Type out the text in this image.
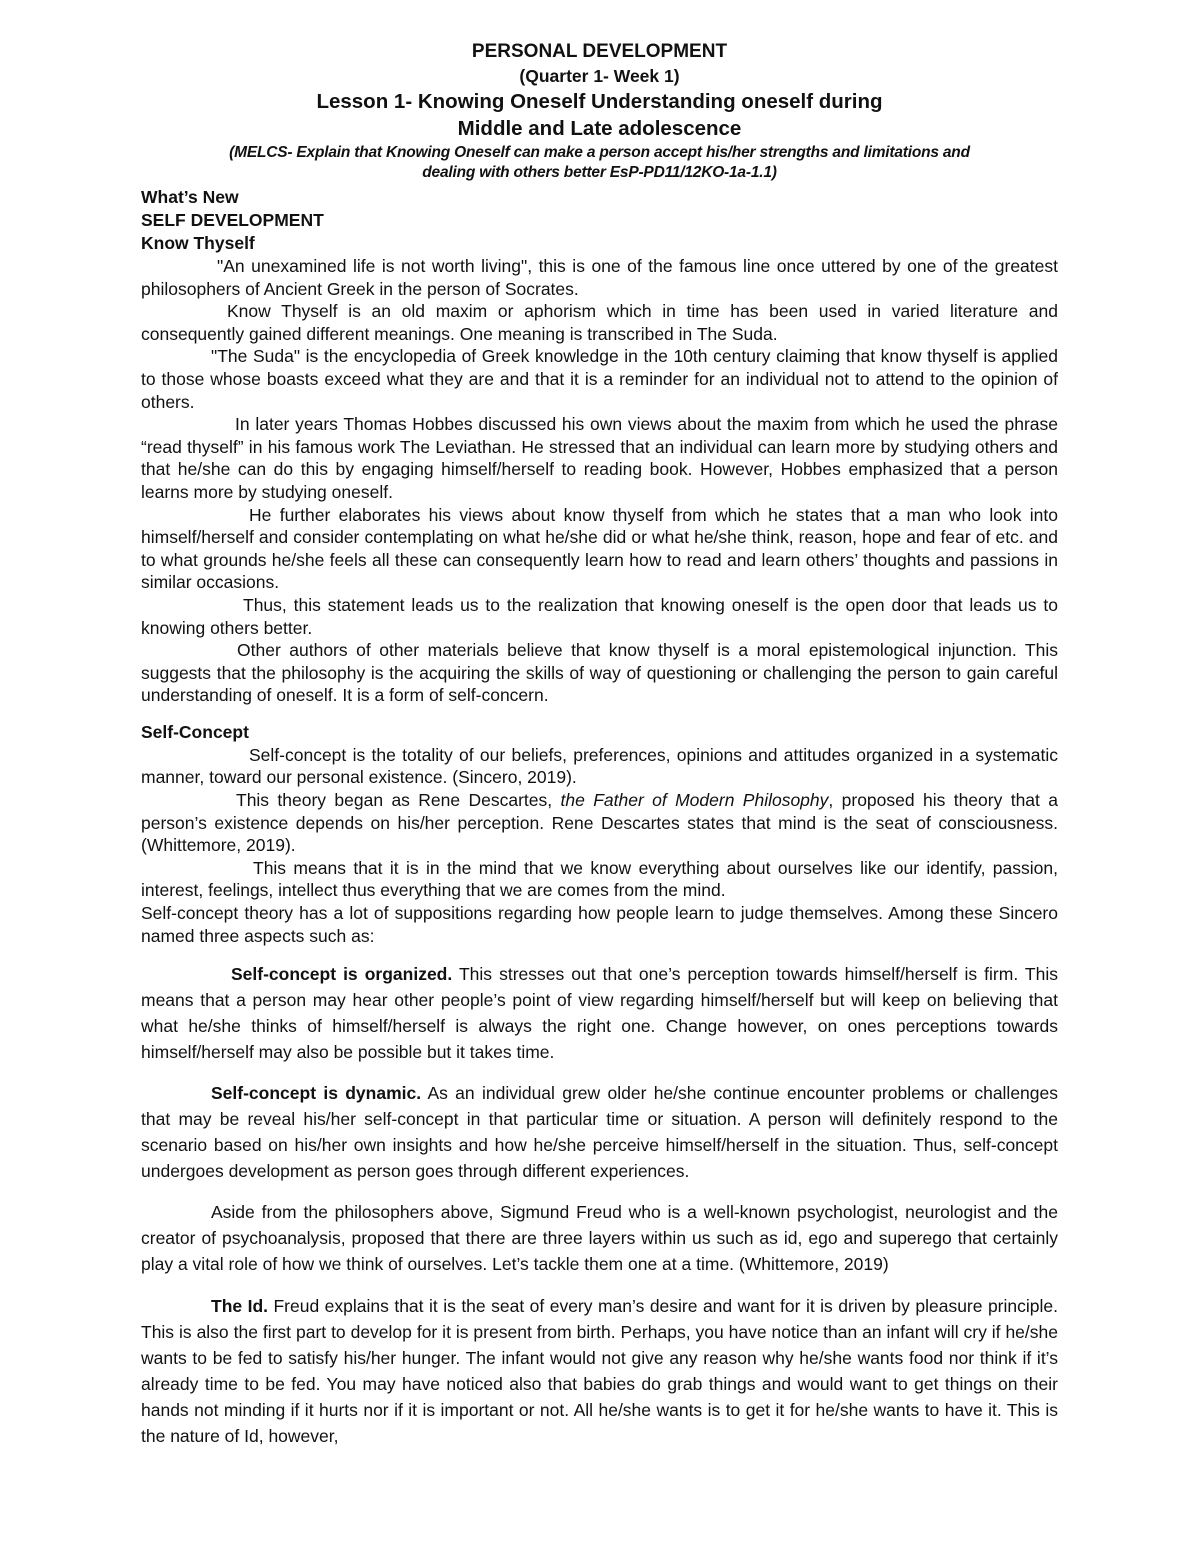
PERSONAL DEVELOPMENT
(Quarter 1- Week 1)
Lesson 1- Knowing Oneself Understanding oneself during
Middle and Late adolescence
(MELCS- Explain that Knowing Oneself can make a person accept his/her strengths and limitations and
dealing with others better EsP-PD11/12KO-1a-1.1)
What’s New
SELF DEVELOPMENT
Know Thyself

"An unexamined life is not worth living", this is one of the famous line once uttered by one of the greatest philosophers of Ancient Greek in the person of Socrates.

Know Thyself is an old maxim or aphorism which in time has been used in varied literature and consequently gained different meanings. One meaning is transcribed in The Suda.

"The Suda" is the encyclopedia of Greek knowledge in the 10th century claiming that know thyself is applied to those whose boasts exceed what they are and that it is a reminder for an individual not to attend to the opinion of others.

In later years Thomas Hobbes discussed his own views about the maxim from which he used the phrase “read thyself” in his famous work The Leviathan. He stressed that an individual can learn more by studying others and that he/she can do this by engaging himself/herself to reading book. However, Hobbes emphasized that a person learns more by studying oneself.

He further elaborates his views about know thyself from which he states that a man who look into himself/herself and consider contemplating on what he/she did or what he/she think, reason, hope and fear of etc. and to what grounds he/she feels all these can consequently learn how to read and learn others’ thoughts and passions in similar occasions.

Thus, this statement leads us to the realization that knowing oneself is the open door that leads us to knowing others better.

Other authors of other materials believe that know thyself is a moral epistemological injunction. This suggests that the philosophy is the acquiring the skills of way of questioning or challenging the person to gain careful understanding of oneself. It is a form of self-concern.

Self-Concept

Self-concept is the totality of our beliefs, preferences, opinions and attitudes organized in a systematic manner, toward our personal existence. (Sincero, 2019).

This theory began as Rene Descartes, the Father of Modern Philosophy, proposed his theory that a person’s existence depends on his/her perception. Rene Descartes states that mind is the seat of consciousness. (Whittemore, 2019).

This means that it is in the mind that we know everything about ourselves like our identify, passion, interest, feelings, intellect thus everything that we are comes from the mind.

Self-concept theory has a lot of suppositions regarding how people learn to judge themselves. Among these Sincero named three aspects such as:

Self-concept is organized. This stresses out that one’s perception towards himself/herself is firm. This means that a person may hear other people’s point of view regarding himself/herself but will keep on believing that what he/she thinks of himself/herself is always the right one. Change however, on ones perceptions towards himself/herself may also be possible but it takes time.

Self-concept is dynamic. As an individual grew older he/she continue encounter problems or challenges that may be reveal his/her self-concept in that particular time or situation. A person will definitely respond to the scenario based on his/her own insights and how he/she perceive himself/herself in the situation. Thus, self-concept undergoes development as person goes through different experiences.

Aside from the philosophers above, Sigmund Freud who is a well-known psychologist, neurologist and the creator of psychoanalysis, proposed that there are three layers within us such as id, ego and superego that certainly play a vital role of how we think of ourselves. Let’s tackle them one at a time. (Whittemore, 2019)

The Id. Freud explains that it is the seat of every man’s desire and want for it is driven by pleasure principle. This is also the first part to develop for it is present from birth. Perhaps, you have notice than an infant will cry if he/she wants to be fed to satisfy his/her hunger. The infant would not give any reason why he/she wants food nor think if it’s already time to be fed. You may have noticed also that babies do grab things and would want to get things on their hands not minding if it hurts nor if it is important or not. All he/she wants is to get it for he/she wants to have it. This is the nature of Id, however,
